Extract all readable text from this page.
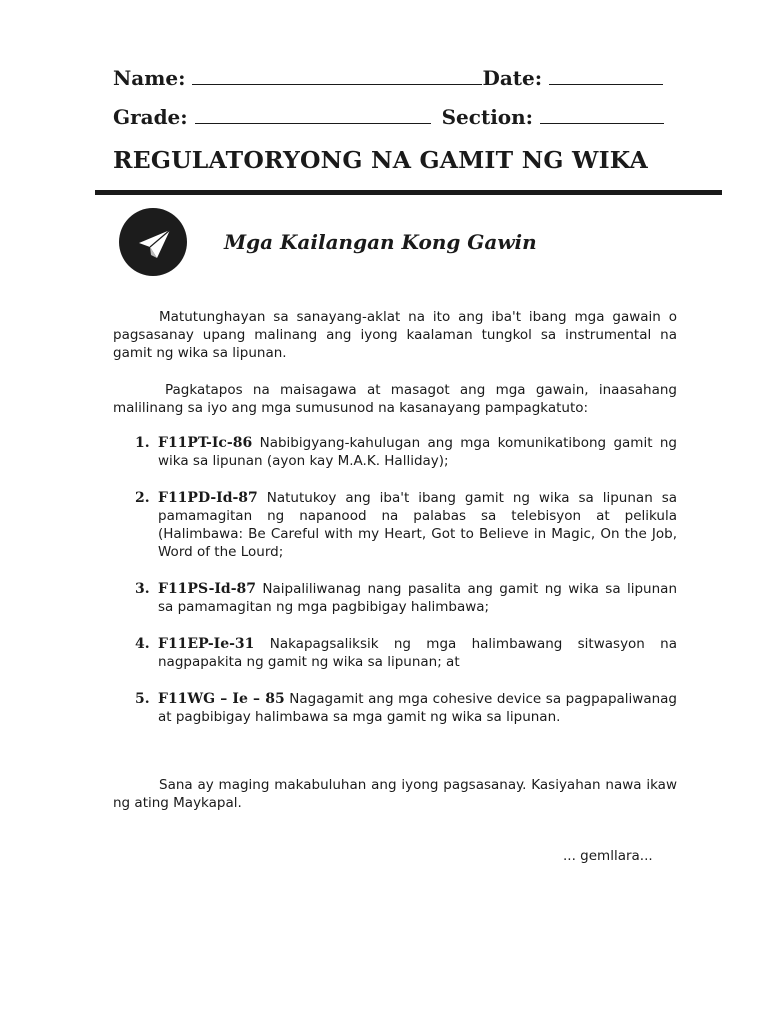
Name:	Date:
Grade:	Section:
REGULATORYONG NA GAMIT NG WIKA
Mga Kailangan Kong Gawin

Matutunghayan sa sanayang-aklat na ito ang iba't ibang mga gawain o pagsasanay upang malinang ang iyong kaalaman tungkol sa instrumental na gamit ng wika sa lipunan.

Pagkatapos na maisagawa at masagot ang mga gawain, inaasahang malilinang sa iyo ang mga sumusunod na kasanayang pampagkatuto:

1. F11PT-Ic-86 Nabibigyang-kahulugan ang mga komunikatibong gamit ng wika sa lipunan (ayon kay M.A.K. Halliday);
2. F11PD-Id-87 Natutukoy ang iba't ibang gamit ng wika sa lipunan sa pamamagitan ng napanood na palabas sa telebisyon at pelikula (Halimbawa: Be Careful with my Heart, Got to Believe in Magic, On the Job, Word of the Lourd;
3. F11PS-Id-87 Naipaliliwanag nang pasalita ang gamit ng wika sa lipunan sa pamamagitan ng mga pagbibigay halimbawa;
4. F11EP-Ie-31 Nakapagsaliksik ng mga halimbawang sitwasyon na nagpapakita ng gamit ng wika sa lipunan; at
5. F11WG – Ie – 85 Nagagamit ang mga cohesive device sa pagpapaliwanag at pagbibigay halimbawa sa mga gamit ng wika sa lipunan.

Sana ay maging makabuluhan ang iyong pagsasanay. Kasiyahan nawa ikaw ng ating Maykapal.

... gemllara...
